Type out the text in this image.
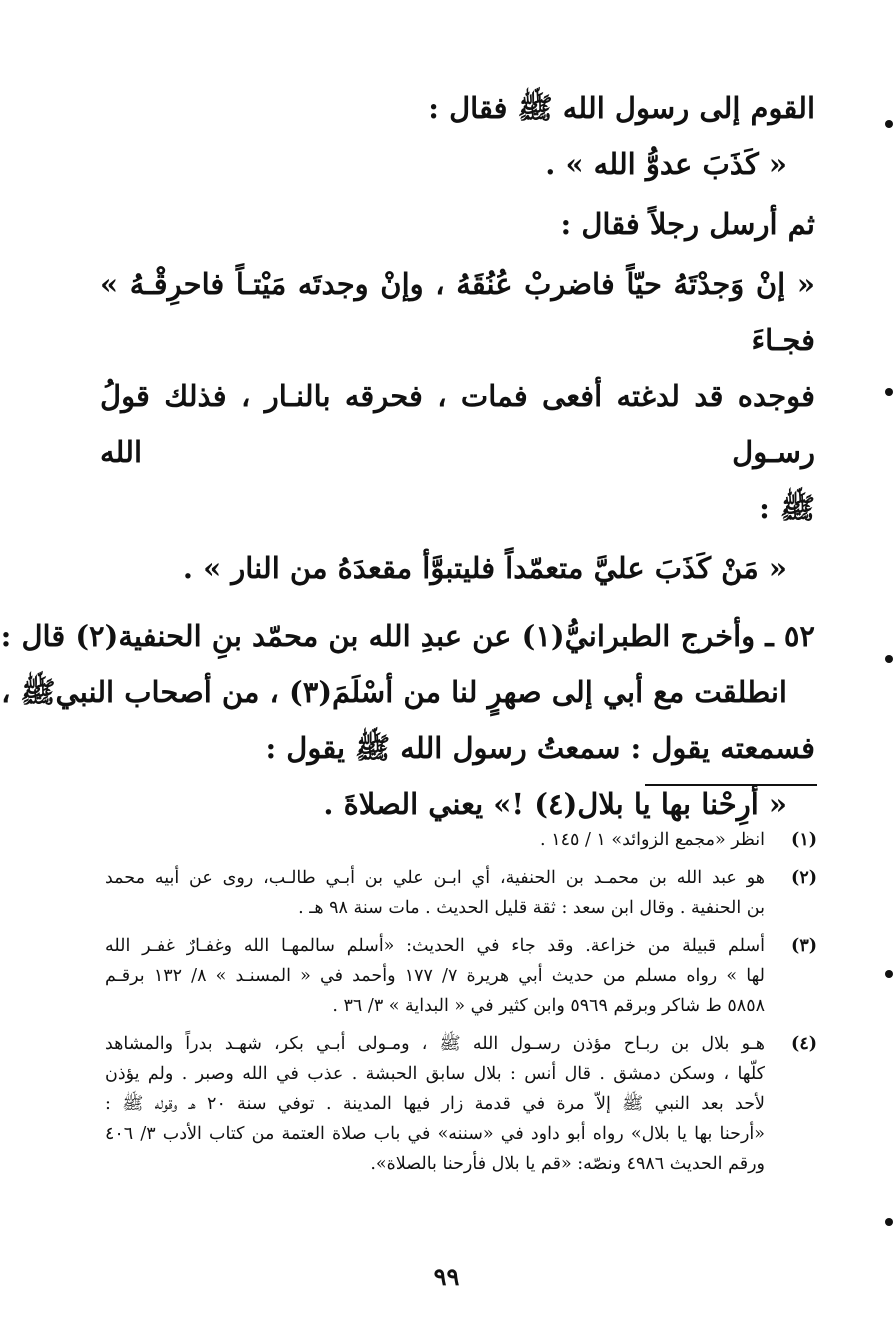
القوم إلى رسول الله ﷺ فقال :
« كَذَبَ عدوُّ الله » .
ثم أرسل رجلاً فقال :
« إنْ وَجدْتَهُ حيّاً فاضربْ عُنُقَهُ ، وإنْ وجدتَه مَيْتـاً فاحرِقْـهُ » فجـاءَ
فوجده قد لدغته أفعى فمات ، فحرقه بالنـار ، فذلك قولُ رسـول الله
ﷺ :
« مَنْ كَذَبَ عليَّ متعمّداً فليتبوَّأ مقعدَهُ من النار » .
٥٢ ـ وأخرج الطبرانيُّ(١) عن عبدِ الله بن محمّد بنِ الحنفية(٢) قال :
انطلقت مع أبي إلى صهرٍ لنا من أسْلَمَ(٣) ، من أصحاب النبيﷺ ،
فسمعته يقول : سمعتُ رسول الله ﷺ يقول :
« أرِحْنا بها يا بلال(٤) !» يعني الصلاةَ .
(١)
انظر «مجمع الزوائد» ١ / ١٤٥ .
(٢)
هو عبد الله بن محمـد بن الحنفية، أي ابـن علي بن أبـي طالـب، روى عن أبيه محمد
بن الحنفية . وقال ابن سعد : ثقة قليل الحديث . مات سنة ٩٨ هـ .
(٣)
أسلم قبيلة من خزاعة. وقد جاء في الحديث: «أسلم سالمهـا الله وغفـارٌ غفـر الله
لها » رواه مسلم من حديث أبي هريرة ٧/ ١٧٧ وأحمد في « المسنـد » ٨/ ١٣٢ برقـم
٥٨٥٨ ط شاكر وبرقم ٥٩٦٩ وابن كثير في « البداية » ٣/ ٣٦ .
(٤)
هـو بلال بن ربـاح مؤذن رسـول الله ﷺ ، ومـولى أبـي بكر، شهـد بدراً والمشاهد
كلّها ، وسكن دمشق . قال أنس : بلال سابق الحبشة . عذب في الله وصبر . ولم يؤذن
لأحد بعد النبي ﷺ إلاّ مرة في قدمة زار فيها المدينة . توفي سنة ٢٠ هـ وقوله ﷺ :
«أرحنا بها يا بلال» رواه أبو داود في «سننه» في باب صلاة العتمة من كتاب الأدب ٣/ ٤٠٦
ورقم الحديث ٤٩٨٦ ونصّه: «قم يا بلال فأرحنا بالصلاة».
٩٩
